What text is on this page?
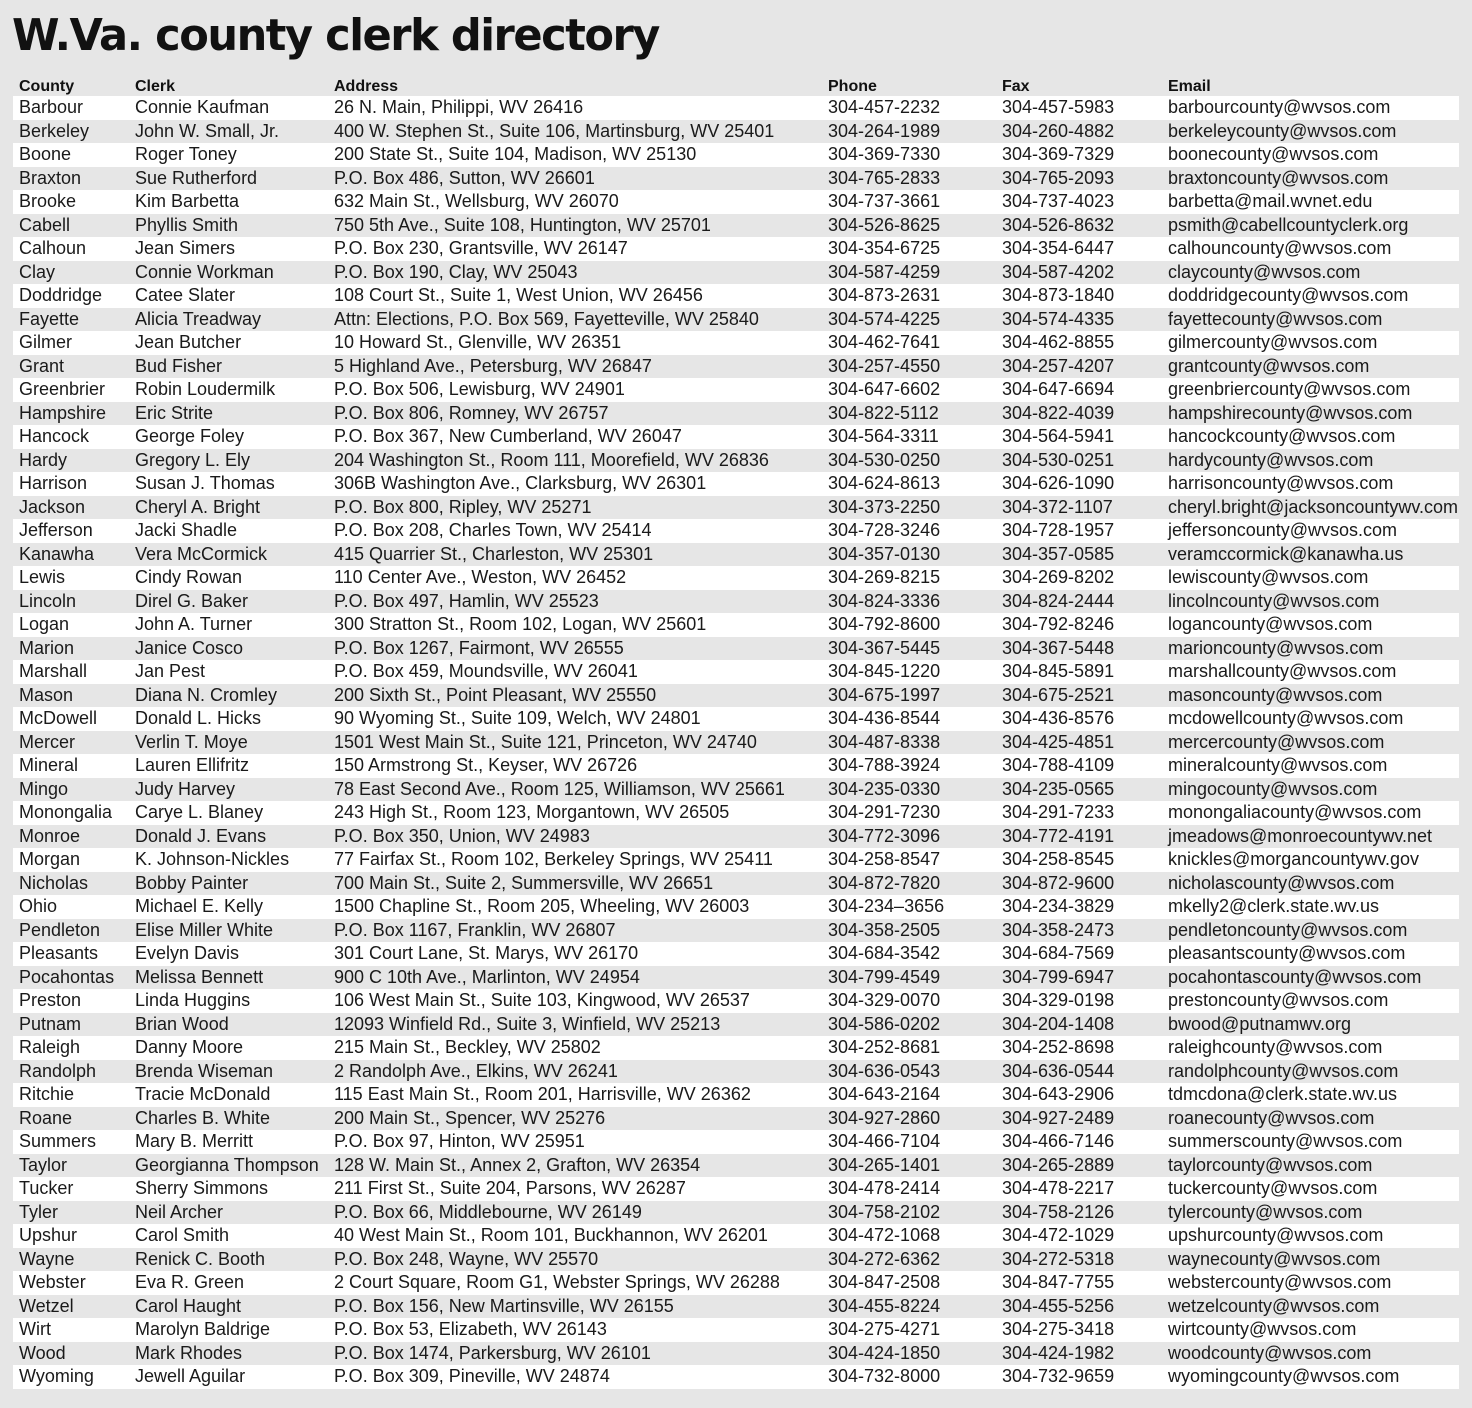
W.Va. county clerk directory
County	Clerk	Address	Phone	Fax	Email
Barbour	Connie Kaufman	26 N. Main, Philippi, WV 26416	304-457-2232	304-457-5983	barbourcounty@wvsos.com
Berkeley	John W. Small, Jr.	400 W. Stephen St., Suite 106, Martinsburg, WV 25401	304-264-1989	304-260-4882	berkeleycounty@wvsos.com
Boone	Roger Toney	200 State St., Suite 104, Madison, WV 25130	304-369-7330	304-369-7329	boonecounty@wvsos.com
Braxton	Sue Rutherford	P.O. Box 486, Sutton, WV 26601	304-765-2833	304-765-2093	braxtoncounty@wvsos.com
Brooke	Kim Barbetta	632 Main St., Wellsburg, WV 26070	304-737-3661	304-737-4023	barbetta@mail.wvnet.edu
Cabell	Phyllis Smith	750 5th Ave., Suite 108, Huntington, WV 25701	304-526-8625	304-526-8632	psmith@cabellcountyclerk.org
Calhoun	Jean Simers	P.O. Box 230, Grantsville, WV 26147	304-354-6725	304-354-6447	calhouncounty@wvsos.com
Clay	Connie Workman	P.O. Box 190, Clay, WV 25043	304-587-4259	304-587-4202	claycounty@wvsos.com
Doddridge	Catee Slater	108 Court St., Suite 1, West Union, WV 26456	304-873-2631	304-873-1840	doddridgecounty@wvsos.com
Fayette	Alicia Treadway	Attn: Elections, P.O. Box 569, Fayetteville, WV 25840	304-574-4225	304-574-4335	fayettecounty@wvsos.com
Gilmer	Jean Butcher	10 Howard St., Glenville, WV 26351	304-462-7641	304-462-8855	gilmercounty@wvsos.com
Grant	Bud Fisher	5 Highland Ave., Petersburg, WV 26847	304-257-4550	304-257-4207	grantcounty@wvsos.com
Greenbrier	Robin Loudermilk	P.O. Box 506, Lewisburg, WV 24901	304-647-6602	304-647-6694	greenbriercounty@wvsos.com
Hampshire	Eric Strite	P.O. Box 806, Romney, WV 26757	304-822-5112	304-822-4039	hampshirecounty@wvsos.com
Hancock	George Foley	P.O. Box 367, New Cumberland, WV 26047	304-564-3311	304-564-5941	hancockcounty@wvsos.com
Hardy	Gregory L. Ely	204 Washington St., Room 111, Moorefield, WV 26836	304-530-0250	304-530-0251	hardycounty@wvsos.com
Harrison	Susan J. Thomas	306B Washington Ave., Clarksburg, WV 26301	304-624-8613	304-626-1090	harrisoncounty@wvsos.com
Jackson	Cheryl A. Bright	P.O. Box 800, Ripley, WV 25271	304-373-2250	304-372-1107	cheryl.bright@jacksoncountywv.com
Jefferson	Jacki Shadle	P.O. Box 208, Charles Town, WV 25414	304-728-3246	304-728-1957	jeffersoncounty@wvsos.com
Kanawha	Vera McCormick	415 Quarrier St., Charleston, WV 25301	304-357-0130	304-357-0585	veramccormick@kanawha.us
Lewis	Cindy Rowan	110 Center Ave., Weston, WV 26452	304-269-8215	304-269-8202	lewiscounty@wvsos.com
Lincoln	Direl G. Baker	P.O. Box 497, Hamlin, WV 25523	304-824-3336	304-824-2444	lincolncounty@wvsos.com
Logan	John A. Turner	300 Stratton St., Room 102, Logan, WV 25601	304-792-8600	304-792-8246	logancounty@wvsos.com
Marion	Janice Cosco	P.O. Box 1267, Fairmont, WV 26555	304-367-5445	304-367-5448	marioncounty@wvsos.com
Marshall	Jan Pest	P.O. Box 459, Moundsville, WV 26041	304-845-1220	304-845-5891	marshallcounty@wvsos.com
Mason	Diana N. Cromley	200 Sixth St., Point Pleasant, WV 25550	304-675-1997	304-675-2521	masoncounty@wvsos.com
McDowell	Donald L. Hicks	90 Wyoming St., Suite 109, Welch, WV 24801	304-436-8544	304-436-8576	mcdowellcounty@wvsos.com
Mercer	Verlin T. Moye	1501 West Main St., Suite 121, Princeton, WV 24740	304-487-8338	304-425-4851	mercercounty@wvsos.com
Mineral	Lauren Ellifritz	150 Armstrong St., Keyser, WV 26726	304-788-3924	304-788-4109	mineralcounty@wvsos.com
Mingo	Judy Harvey	78 East Second Ave., Room 125, Williamson, WV 25661	304-235-0330	304-235-0565	mingocounty@wvsos.com
Monongalia	Carye L. Blaney	243 High St., Room 123, Morgantown, WV 26505	304-291-7230	304-291-7233	monongaliacounty@wvsos.com
Monroe	Donald J. Evans	P.O. Box 350, Union, WV 24983	304-772-3096	304-772-4191	jmeadows@monroecountywv.net
Morgan	K. Johnson-Nickles	77 Fairfax St., Room 102, Berkeley Springs, WV 25411	304-258-8547	304-258-8545	knickles@morgancountywv.gov
Nicholas	Bobby Painter	700 Main St., Suite 2, Summersville, WV 26651	304-872-7820	304-872-9600	nicholascounty@wvsos.com
Ohio	Michael E. Kelly	1500 Chapline St., Room 205, Wheeling, WV 26003	304-234–3656	304-234-3829	mkelly2@clerk.state.wv.us
Pendleton	Elise Miller White	P.O. Box 1167, Franklin, WV 26807	304-358-2505	304-358-2473	pendletoncounty@wvsos.com
Pleasants	Evelyn Davis	301 Court Lane, St. Marys, WV 26170	304-684-3542	304-684-7569	pleasantscounty@wvsos.com
Pocahontas	Melissa Bennett	900 C 10th Ave., Marlinton, WV 24954	304-799-4549	304-799-6947	pocahontascounty@wvsos.com
Preston	Linda Huggins	106 West Main St., Suite 103, Kingwood, WV 26537	304-329-0070	304-329-0198	prestoncounty@wvsos.com
Putnam	Brian Wood	12093 Winfield Rd., Suite 3, Winfield, WV 25213	304-586-0202	304-204-1408	bwood@putnamwv.org
Raleigh	Danny Moore	215 Main St., Beckley, WV 25802	304-252-8681	304-252-8698	raleighcounty@wvsos.com
Randolph	Brenda Wiseman	2 Randolph Ave., Elkins, WV 26241	304-636-0543	304-636-0544	randolphcounty@wvsos.com
Ritchie	Tracie McDonald	115 East Main St., Room 201, Harrisville, WV 26362	304-643-2164	304-643-2906	tdmcdona@clerk.state.wv.us
Roane	Charles B. White	200 Main St., Spencer, WV 25276	304-927-2860	304-927-2489	roanecounty@wvsos.com
Summers	Mary B. Merritt	P.O. Box 97, Hinton, WV 25951	304-466-7104	304-466-7146	summerscounty@wvsos.com
Taylor	Georgianna Thompson	128 W. Main St., Annex 2, Grafton, WV 26354	304-265-1401	304-265-2889	taylorcounty@wvsos.com
Tucker	Sherry Simmons	211 First St., Suite 204, Parsons, WV 26287	304-478-2414	304-478-2217	tuckercounty@wvsos.com
Tyler	Neil Archer	P.O. Box 66, Middlebourne, WV 26149	304-758-2102	304-758-2126	tylercounty@wvsos.com
Upshur	Carol Smith	40 West Main St., Room 101, Buckhannon, WV 26201	304-472-1068	304-472-1029	upshurcounty@wvsos.com
Wayne	Renick C. Booth	P.O. Box 248, Wayne, WV 25570	304-272-6362	304-272-5318	waynecounty@wvsos.com
Webster	Eva R. Green	2 Court Square, Room G1, Webster Springs, WV 26288	304-847-2508	304-847-7755	webstercounty@wvsos.com
Wetzel	Carol Haught	P.O. Box 156, New Martinsville, WV 26155	304-455-8224	304-455-5256	wetzelcounty@wvsos.com
Wirt	Marolyn Baldrige	P.O. Box 53, Elizabeth, WV 26143	304-275-4271	304-275-3418	wirtcounty@wvsos.com
Wood	Mark Rhodes	P.O. Box 1474, Parkersburg, WV 26101	304-424-1850	304-424-1982	woodcounty@wvsos.com
Wyoming	Jewell Aguilar	P.O. Box 309, Pineville, WV 24874	304-732-8000	304-732-9659	wyomingcounty@wvsos.com
